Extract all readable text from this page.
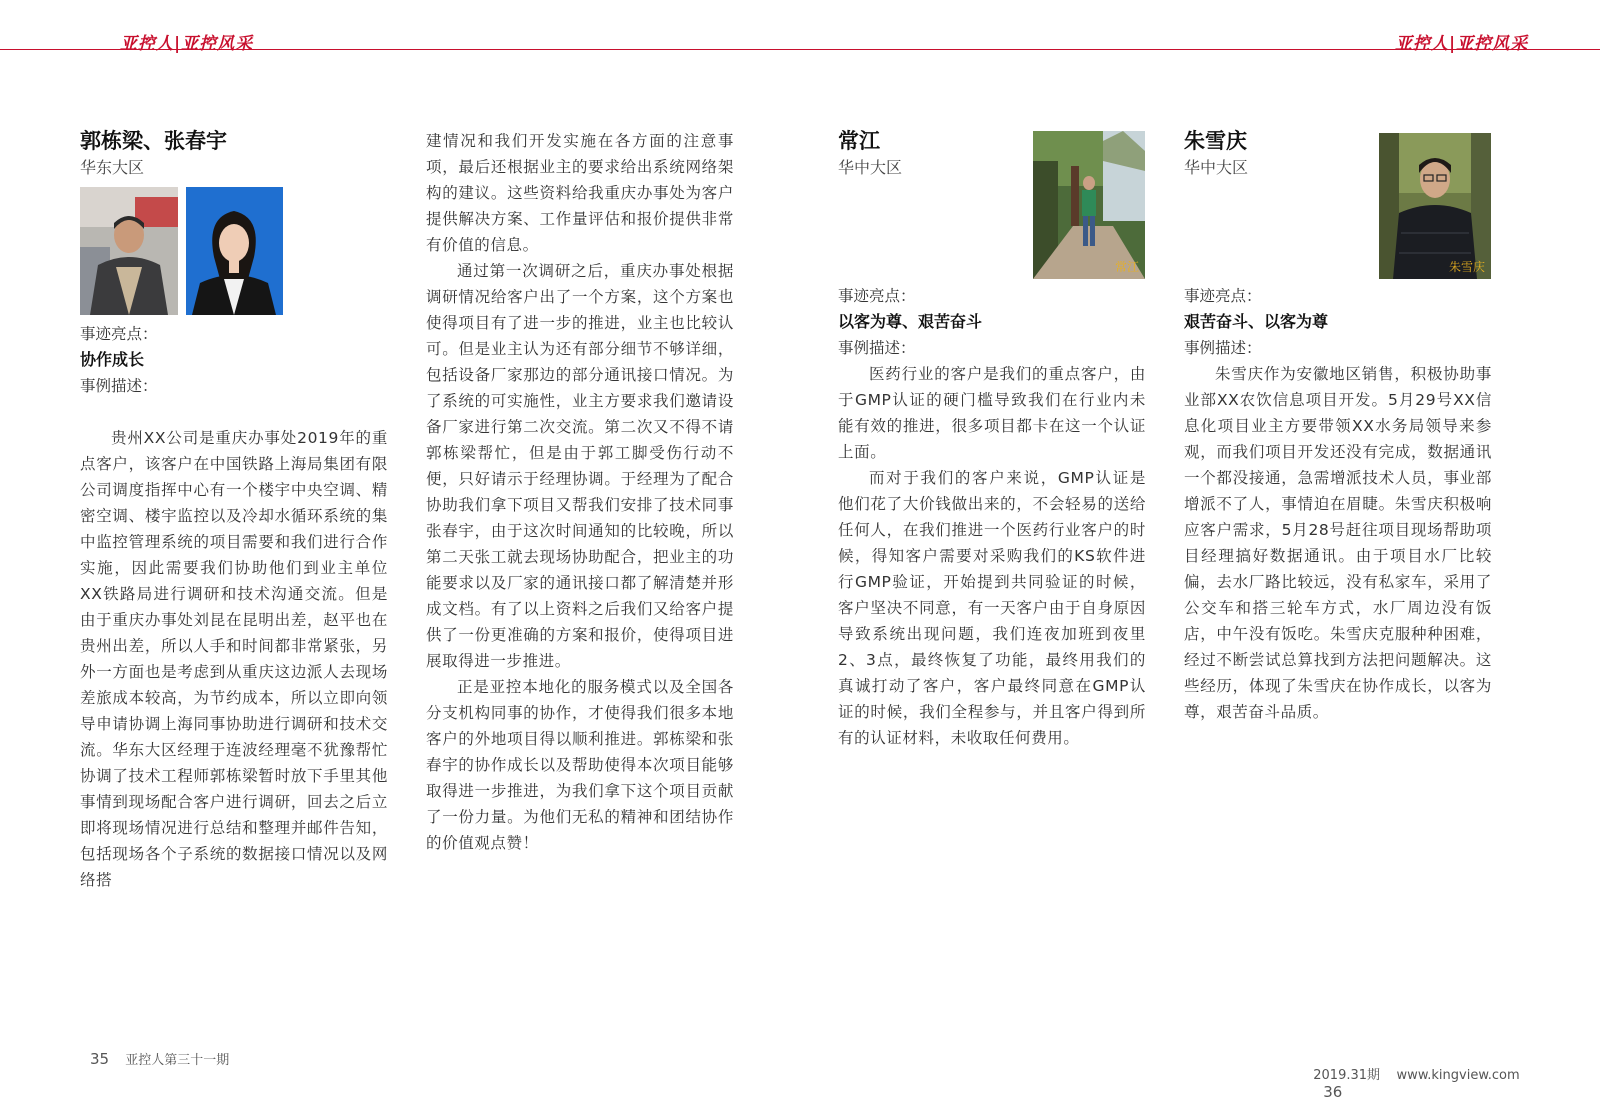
亚控人|亚控风采	亚控人|亚控风采
郭栋梁、张春宇
华东大区
事迹亮点：
协作成长
事例描述：

贵州XX公司是重庆办事处2019年的重点客户，该客户在中国铁路上海局集团有限公司调度指挥中心有一个楼宇中央空调、精密空调、楼宇监控以及冷却水循环系统的集中监控管理系统的项目需要和我们进行合作实施，因此需要我们协助他们到业主单位XX铁路局进行调研和技术沟通交流。但是由于重庆办事处刘昆在昆明出差，赵平也在贵州出差，所以人手和时间都非常紧张，另外一方面也是考虑到从重庆这边派人去现场差旅成本较高，为节约成本，所以立即向领导申请协调上海同事协助进行调研和技术交流。华东大区经理于连波经理毫不犹豫帮忙协调了技术工程师郭栋梁暂时放下手里其他事情到现场配合客户进行调研，回去之后立即将现场情况进行总结和整理并邮件告知，包括现场各个子系统的数据接口情况以及网络搭

建情况和我们开发实施在各方面的注意事项，最后还根据业主的要求给出系统网络架构的建议。这些资料给我重庆办事处为客户提供解决方案、工作量评估和报价提供非常有价值的信息。

通过第一次调研之后，重庆办事处根据调研情况给客户出了一个方案，这个方案也使得项目有了进一步的推进，业主也比较认可。但是业主认为还有部分细节不够详细，包括设备厂家那边的部分通讯接口情况。为了系统的可实施性，业主方要求我们邀请设备厂家进行第二次交流。第二次又不得不请郭栋梁帮忙，但是由于郭工脚受伤行动不便，只好请示于经理协调。于经理为了配合协助我们拿下项目又帮我们安排了技术同事张春宇，由于这次时间通知的比较晚，所以第二天张工就去现场协助配合，把业主的功能要求以及厂家的通讯接口都了解清楚并形成文档。有了以上资料之后我们又给客户提供了一份更准确的方案和报价，使得项目进展取得进一步推进。

正是亚控本地化的服务模式以及全国各分支机构同事的协作，才使得我们很多本地客户的外地项目得以顺利推进。郭栋梁和张春宇的协作成长以及帮助使得本次项目能够取得进一步推进，为我们拿下这个项目贡献了一份力量。为他们无私的精神和团结协作的价值观点赞！

常江
华中大区
常江
事迹亮点：
以客为尊、艰苦奋斗
事例描述：

医药行业的客户是我们的重点客户，由于GMP认证的硬门槛导致我们在行业内未能有效的推进，很多项目都卡在这一个认证上面。

而对于我们的客户来说，GMP认证是他们花了大价钱做出来的，不会轻易的送给任何人，在我们推进一个医药行业客户的时候，得知客户需要对采购我们的KS软件进行GMP验证，开始提到共同验证的时候，客户坚决不同意，有一天客户由于自身原因导致系统出现问题，我们连夜加班到夜里2、3点，最终恢复了功能，最终用我们的真诚打动了客户，客户最终同意在GMP认证的时候，我们全程参与，并且客户得到所有的认证材料，未收取任何费用。

朱雪庆
华中大区
朱雪庆
事迹亮点：
艰苦奋斗、以客为尊
事例描述：

朱雪庆作为安徽地区销售，积极协助事业部XX农饮信息项目开发。5月29号XX信息化项目业主方要带领XX水务局领导来参观，而我们项目开发还没有完成，数据通讯一个都没接通，急需增派技术人员，事业部增派不了人，事情迫在眉睫。朱雪庆积极响应客户需求，5月28号赶往项目现场帮助项目经理搞好数据通讯。由于项目水厂比较偏，去水厂路比较远，没有私家车，采用了公交车和搭三轮车方式，水厂周边没有饭店，中午没有饭吃。朱雪庆克服种种困难，经过不断尝试总算找到方法把问题解决。这些经历，体现了朱雪庆在协作成长，以客为尊，艰苦奋斗品质。

35 亚控人第三十一期

2019.31期    www.kingview.com
36
